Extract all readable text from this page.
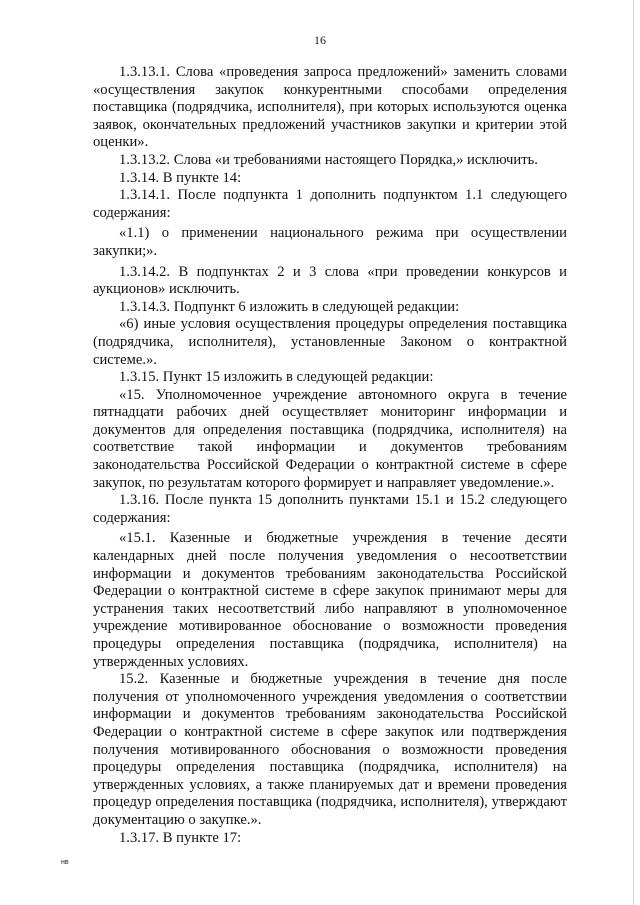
16

1.3.13.1. Слова «проведения запроса предложений» заменить словами «осуществления закупок конкурентными способами определения поставщика (подрядчика, исполнителя), при которых используются оценка заявок, окончательных предложений участников закупки и критерии этой оценки».

1.3.13.2. Слова «и требованиями настоящего Порядка,» исключить.

1.3.14. В пункте 14:

1.3.14.1. После подпункта 1 дополнить подпунктом 1.1 следующего содержания:

«1.1) о применении национального режима при осуществлении закупки;».

1.3.14.2. В подпунктах 2 и 3 слова «при проведении конкурсов и аукционов» исключить.

1.3.14.3. Подпункт 6 изложить в следующей редакции:

«6) иные условия осуществления процедуры определения поставщика (подрядчика, исполнителя), установленные Законом о контрактной системе.».

1.3.15. Пункт 15 изложить в следующей редакции:

«15. Уполномоченное учреждение автономного округа в течение пятнадцати рабочих дней осуществляет мониторинг информации и документов для определения поставщика (подрядчика, исполнителя) на соответствие такой информации и документов требованиям законодательства Российской Федерации о контрактной системе в сфере закупок, по результатам которого формирует и направляет уведомление.».

1.3.16. После пункта 15 дополнить пунктами 15.1 и 15.2 следующего содержания:

«15.1. Казенные и бюджетные учреждения в течение десяти календарных дней после получения уведомления о несоответствии информации и документов требованиям законодательства Российской Федерации о контрактной системе в сфере закупок принимают меры для устранения таких несоответствий либо направляют в уполномоченное учреждение мотивированное обоснование о возможности проведения процедуры определения поставщика (подрядчика, исполнителя) на утвержденных условиях.

15.2. Казенные и бюджетные учреждения в течение дня после получения от уполномоченного учреждения уведомления о соответствии информации и документов требованиям законодательства Российской Федерации о контрактной системе в сфере закупок или подтверждения получения мотивированного обоснования о возможности проведения процедуры определения поставщика (подрядчика, исполнителя) на утвержденных условиях, а также планируемых дат и времени проведения процедур определения поставщика (подрядчика, исполнителя), утверждают документацию о закупке.».

1.3.17. В пункте 17:

нв
